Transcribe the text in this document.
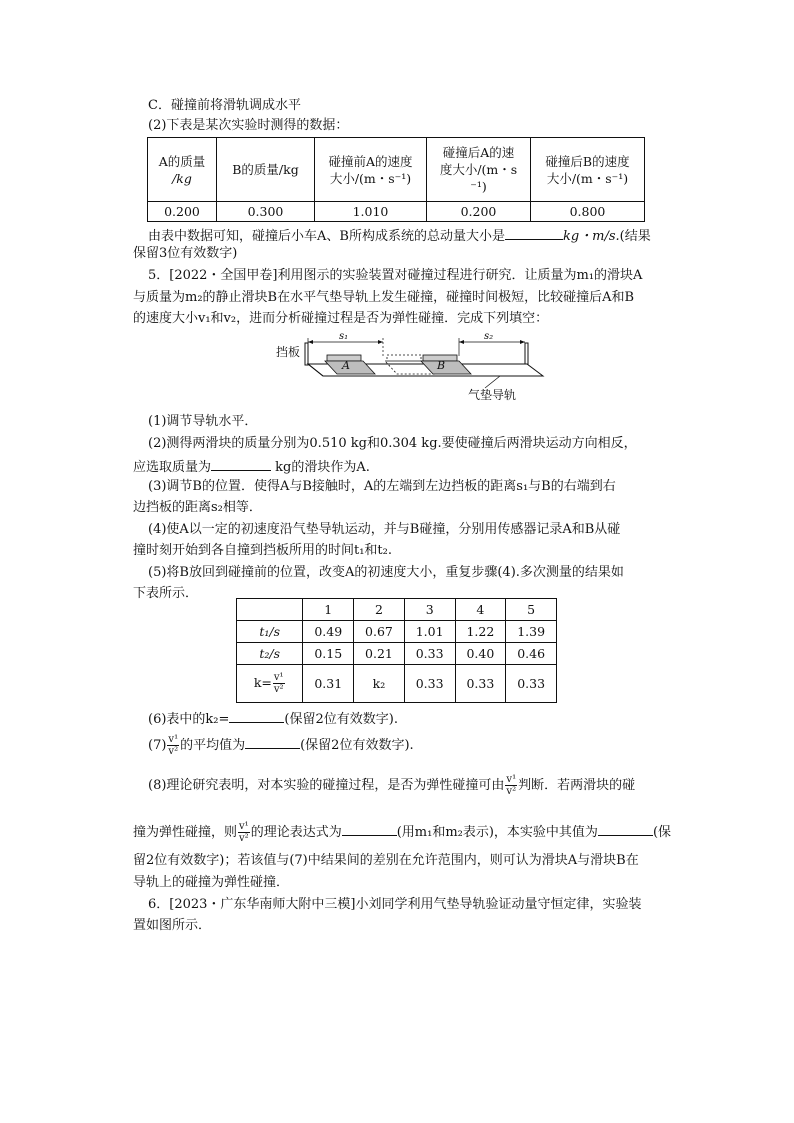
C．碰撞前将滑轨调成水平
(2)下表是某次实验时测得的数据：
A的质量
/kg	B的质量/kg	碰撞前A的速度
大小/(m・s⁻¹)	碰撞后A的速
度大小/(m・s
⁻¹)	碰撞后B的速度
大小/(m・s⁻¹)
0.200	0.300	1.010	0.200	0.800
由表中数据可知，碰撞后小车A、B所构成系统的总动量大小是	kg・m/s.(结果
保留3位有效数字)
5．[2022・全国甲卷]利用图示的实验装置对碰撞过程进行研究．让质量为m₁的滑块A
与质量为m₂的静止滑块B在水平气垫导轨上发生碰撞，碰撞时间极短，比较碰撞后A和B
的速度大小v₁和v₂，进而分析碰撞过程是否为弹性碰撞．完成下列填空：
挡板
s₁	s₂
A	B
气垫导轨
(1)调节导轨水平．
(2)测得两滑块的质量分别为0.510 kg和0.304 kg.要使碰撞后两滑块运动方向相反，
应选取质量为	kg的滑块作为A.
(3)调节B的位置．使得A与B接触时，A的左端到左边挡板的距离s₁与B的右端到右
边挡板的距离s₂相等．
(4)使A以一定的初速度沿气垫导轨运动，并与B碰撞，分别用传感器记录A和B从碰
撞时刻开始到各自撞到挡板所用的时间t₁和t₂.
(5)将B放回到碰撞前的位置，改变A的初速度大小，重复步骤(4).多次测量的结果如
下表所示．
	1	2	3	4	5
t₁/s	0.49	0.67	1.01	1.22	1.39
t₂/s	0.15	0.21	0.33	0.40	0.46
$k= \frac{\text{v¹}}{\text{v²}}$	0.31	k₂	0.33	0.33	0.33
(6)表中的k₂=	(保留2位有效数字).
$(7) \frac{\text{v¹}}{\text{v²}}$ 的平均值为	(保留2位有效数字).
(8)理论研究表明，对本实验的碰撞过程，是否为弹性碰撞可由 $\frac{\text{v¹}}{\text{v²}}$ 判断．若两滑块的碰
撞为弹性碰撞，则 $\frac{\text{v¹}}{\text{v²}}$ 的理论表达式为	(用m₁和m₂表示)，本实验中其值为	(保
留2位有效数字)；若该值与(7)中结果间的差别在允许范围内，则可认为滑块A与滑块B在
导轨上的碰撞为弹性碰撞．
6．[2023・广东华南师大附中三模]小刘同学利用气垫导轨验证动量守恒定律，实验装
置如图所示．
